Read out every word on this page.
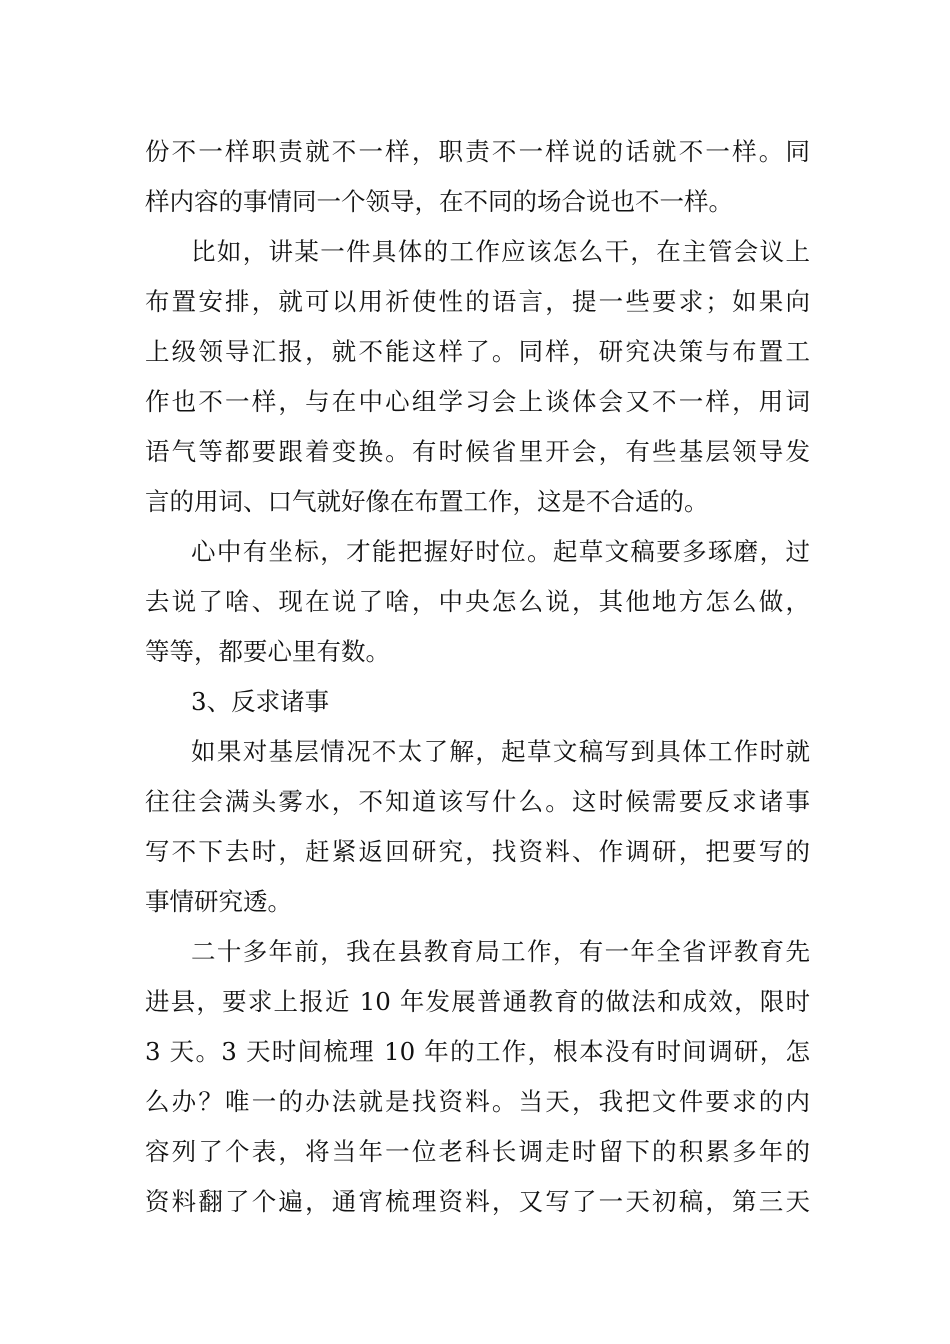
份不一样职责就不一样，职责不一样说的话就不一样。同
样内容的事情同一个领导，在不同的场合说也不一样。
比如，讲某一件具体的工作应该怎么干，在主管会议上
布置安排，就可以用祈使性的语言，提一些要求；如果向
上级领导汇报，就不能这样了。同样，研究决策与布置工
作也不一样，与在中心组学习会上谈体会又不一样，用词
语气等都要跟着变换。有时候省里开会，有些基层领导发
言的用词、口气就好像在布置工作，这是不合适的。
心中有坐标，才能把握好时位。起草文稿要多琢磨，过
去说了啥、现在说了啥，中央怎么说，其他地方怎么做，
等等，都要心里有数。
3、反求诸事
如果对基层情况不太了解，起草文稿写到具体工作时就
往往会满头雾水，不知道该写什么。这时候需要反求诸事
写不下去时，赶紧返回研究，找资料、作调研，把要写的
事情研究透。
二十多年前，我在县教育局工作，有一年全省评教育先
进县，要求上报近 10 年发展普通教育的做法和成效，限时
3 天。3 天时间梳理 10 年的工作，根本没有时间调研，怎
么办？唯一的办法就是找资料。当天，我把文件要求的内
容列了个表，将当年一位老科长调走时留下的积累多年的
资料翻了个遍，通宵梳理资料，又写了一天初稿，第三天
